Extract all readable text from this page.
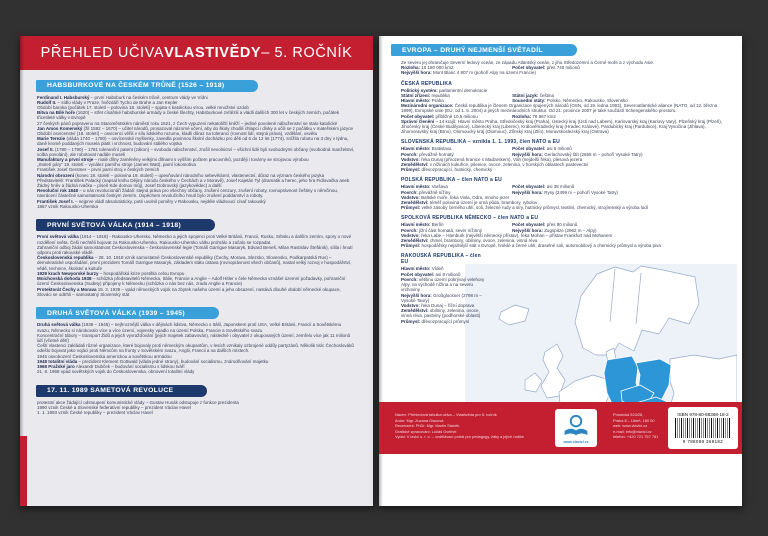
PŘEHLED UČIVA VLASTIVĚDY – 5. ROČNÍK
HABSBURKOVÉ NA ČESKÉM TRŮNĚ (1526 – 1918)

Ferdinand I. Habsburský – první Habsburk na českém trůně, centrum vlády ve Vídni

Rudolf II. – sídlo vlády v Praze, hvězdáři Tycho de Brahe a Jan Kepler

Období baroka (počátek 17. století – polovina 18. století) – spjata s katolickou vírou, velké množství ozdob

Bitva na Bílé hoře (1620) – střet císařské habsburské armády a české šlechty, Habsburkové zvítězili a vládli dalších 300 let v českých zemích, počátek třicetileté války v Evropě

27 českých pánů popraveno na Staroměstském náměstí roku 1621, z Čech vypuzeni nekatoličtí kněží – jediné povolené náboženství se stalo katolické

Jan Amos Komenský (žil 1592 – 1670) – učitel národů, prosazoval názorné učení, aby do školy chodili chlapci i dívky a učili se z počátku v mateřském jazyce

Období osvícenství (18. století) – osvícenci věřili v sílu lidského rozumu, kladli důraz na toleranci (rovnost lidí, stejná práva), vzdělání, osvětu

Marie Terezie (vláda 1740 – 1780) – osvícenské myšlenky, zavedla povinnou školní docházku pro děti od 6 do 12 let (1774), snížila robotu na 3 dny v týdnu, daně kromě poddaných musela platit i vrchnost, budování stálého vojska

Josef II. (1780 – 1790) – 1781 toleranční patent (zákon) – svoboda náboženství, zrušil nevolnictví – všichni lidé byli svobodnými občany (svobodná manželství, volba povolání), ale robotovat nadále museli

Manufaktury a první stroje – malé dílny zaměněny velkými dílnami s vyšším počtem pracovníků, později i továrny se strojovou výrobou

„Století páry“ 19. století – vynález parního stroje (James Watt), parní lokomotiva

František Josef Gerstner – první parní stroj v českých zemích

Národní obrození (konec 18. století – polovina 19. století) – upevňování národního sebevědomí, vlastenectví, důraz na význam českého jazyka

Představitelé: František Palacký (napsal knihu Dějiny národu českého v Čechách a v Moravě), Josef Kajetán Tyl (dramatik a herec, jeho hra Fidlovačka aneb Žádný hněv a žádná rvačka – píseň Kde domov můj), Josef Dobrovský (jazykovědec) a další

Revoluční rok 1848 – u nás revolucionáři žádali: stejná práva pro všechny občany, zrušení cenzury, zrušení roboty, rovnoprávnost češtiny s němčinou, navrácení částečné samostatnosti českým zemím. Úspěchem revolučního hnutí bylo zrušení poddanství a roboty.

František Josef I. – nejprve vládl absolutisticky, poté uvolnil poměry v Rakousku, nejdéle vládnoucí císař rakouský

1867 vznik Rakousko-Uherska

PRVNÍ SVĚTOVÁ VÁLKA (1914 – 1918)

První světová válka (1914 – 1918) - Rakousko-Uhersko, Německo a jejich spojenci proti Velké Británii, Francii, Rusku, Srbsku a dalším zemím, spory o nové rozdělení světa. Češi nechtěli bojovat za Rakousko-Uhersko. Rakousko-Uhersko válku prohrálo a začalo se rozpadat.

Zahraniční odboj žádal samostatnost Československa – československé legie (Tomáš Garrigue Masaryk, Edvard Beneš, Milan Rastislav Štefánik), sílila i hnutí odporu proti rakouské vládě.

Československá republika – 28. 10. 1918 vznik samostatné Československé republiky (Čechy, Morava, Slezsko, Slovensko, Podkarpatská Rus) – demokratické uspořádání, první prezident Tomáš Garrigue Masaryk, základem státu ústava (rovnoprávnost všech občanů), nastal velký rozvoj v hospodářství, vědě, technice, školství a kultuře

1929 krach Newyorské burzy – hospodářská krize postihla celou Evropu

Mnichovská dohoda 1938 – schůzka představitelů Německa, Itálie, Francie a Anglie – Adolf Hitler v čele Německa vznášel územní požadavky, pohraniční území Československa (Sudety) připojeny k Německu (schůzka o nás bez nás, zrada Anglie a Francie)

Protektorát Čechy a Morava 15. 3. 1939 – vpád německých vojsk na zbytek našeho území a jeho obsazení, nastává dlouhé období německé okupace, Slováci se odtrhli – samostatný Slovenský stát

DRUHÁ SVĚTOVÁ VÁLKA (1939 – 1945)

Druhá světová válka (1939 – 1945) – nejhroznější válka v dějinách lidstva, Německo s Itálií, Japonskem proti USA, Velké Británii, Francii a Sovětskému svazu, Německo si nárokovalo více a více území, vojensky vpadlo na území Polska, Francie a Sovětského svazu

Koncentrační tábory – transport Židů a jejich vyvražďování (jejich majetek zabavován), následně i obyvatel z okupovaných území, zemřelo více jak 11 milionů lidí (včetně dětí)

Čeští vlastenci zakládali různé organizace, které bojovaly proti německým okupantům, v lesích vznikaly ozbrojené oddíly partyzánů. Několik tisíc Čechoslováků odešlo bojovat jako vojáci proti Němcům na fronty v Sovětském svazu, Anglii, Francii a na dalších místech.

1945 osvobození Československa americkou a sovětskou armádou

1948 totalitní vláda – prezident Klement Gottwald (vláda jedné strany), budování socialismu, znárodňování majetku

1968 Pražské jaro Alexandr Dubček – budování socialismu s lidskou tváří

21. 8. 1968 vpád sovětských vojsk do Československa, obnovení totalitní vlády

17. 11. 1989 SAMETOVÁ REVOLUCE

protestní akce žádající odstoupení komunistické vlády – Gustav Husák odstupuje z funkce prezidenta

1990 vznik České a Slovenské federativní republiky – prezident Václav Havel

1. 1. 1993 vznik České republiky – prezident Václav Havel

EVROPA – DRUHÝ NEJMENŠÍ SVĚTADÍL

Ze severu jej ohraničuje Severní ledový oceán, ze západu Atlantský oceán, z jihu Středozemní a Černé moře a z východu Asie.

Rozloha: 10 180 000 km2	Počet obyvatel: přes 740 milionů

Nejvyšší hora: Mont Blanc 4 807 m (pohoří Alpy na území Francie)

ČESKÁ REPUBLIKA

Politický systém: parlamentní demokracie

Státní zřízení: republika	Státní jazyk: čeština

Hlavní město: Praha	Sousední státy: Polsko, Německo, Rakousko, Slovensko

Mezinárodní organizace: Česká republika je členem Organizace spojených národů (OSN, od 19. ledna 1993), Severoatlantické aliance (NATO, od 12. března 1999), Evropské unie (EU, od 1. 5. 2004) a jiných mezinárodních struktur. Od 21. prosince 2007 je také součástí Schengenského prostoru.

Počet obyvatel: přibližně 10,5 milionu	Rozloha: 78 867 km2

Správní členění – 14 krajů: Hlavní město Praha, Středočeský kraj (Praha), Ústecký kraj (Ústí nad Labem), Karlovarský kraj (Karlovy Vary), Plzeňský kraj (Plzeň), Jihočeský kraj (České Budějovice), Liberecký kraj (Liberec), Královéhradecký kraj (Hradec Králové), Pardubický kraj (Pardubice), Kraj Vysočina (Jihlava), Jihomoravský kraj (Brno), Olomoucký kraj (Olomouc), Zlínský kraj (Zlín), Moravskoslezský kraj (Ostrava)

SLOVENSKÁ REPUBLIKA – vznikla 1. 1. 1993, člen NATO a EU

Hlavní město: Bratislava	Počet obyvatel: asi 5 milionů

Povrch: převážně hornatý	Nejvyšší hora: Gerlachovský štít (2655 m – pohoří Vysoké Tatry)

Vodstvo: řeka Dunaj (přirozená hranice s Maďarskem), Váh (nejdelší řeka), plesová jezera

Zemědělství: v nížinách kukuřice, pšenice, ovoce, zelenina, v horských oblastech pastevectví

Průmysl: dřevozpracující, hutnický, chemický

POLSKÁ REPUBLIKA – člen NATO a EU

Hlavní město: Varšava	Počet obyvatel: asi 38 milionů

Povrch: převážně nížiny	Nejvyšší hora: Rysy (2499 m – pohoří Vysoké Tatry)

Vodstvo: Baltské moře, řeka Visla, Odra, mnoho jezer

Zemědělství: téměř polovina území je orná půda, brambory, rybolov

Průmysl: velké zásoby černého uhlí, soli, železné rudy a síry, hutnický průmysl, textilní, chemický, strojírenský a výroba lodí

SPOLKOVÁ REPUBLIKA NĚMECKO – člen NATO a EU

Hlavní město: Berlín	Počet obyvatel: přes 80 milionů

Povrch: jižní část hornatá, sever nížinný	Nejvyšší hora: Zugspitze (2962 m – Alpy)

Vodstvo: řeka Labe – Hamburk (největší německý přístav), řeka Mohan – přístav Frankfurt nad Mohanem

Zemědělství: chmel, brambory, obilniny, ovoce, zelenina, vinná réva

Průmysl: hospodářsky nejsilnější stát v Evropě, hnědé a černé uhlí, draselné soli, automobilový a chemický průmysl a výroba piva

RAKOUSKÁ REPUBLIKA – člen EU

Hlavní město: Vídeň

Počet obyvatel: asi 8 milionů

Povrch: většinu území pokrývají velehory Alpy, na východě nížina a na severu vrchoviny

Nejvyšší hora: Großglockner (2798 m – Vysoké Taury)

Vodstvo: řeka Dunaj – říční doprava

Zemědělství: obilniny, zelenina, ovoce, vinná réva, pastviny (podhorské oblasti)

Průmysl: dřevozpracující průmysl

Název: Přehledová tabulka učiva – Vlastivěda pro 5. ročník

Autor: Mgr. Zuzana Glacová

Recenzent: PhDr. Mgr. Martin Staněk

Grafické zpracování: Lukáš Gvelhel

Vydal: V lavici s. r. o. – vzdělávací portál pro pedagogy, žáky a jejich rodiče

www.vlavici.cz

Prosecká 524/26,

Praha 8 – Libeň, 180 00

web: www.vlavici.cz

e-mail: info@vlavici.cz

telefon: +420 721 757 781

ISBN 978-80-88368-18-2
9 788088 368182
